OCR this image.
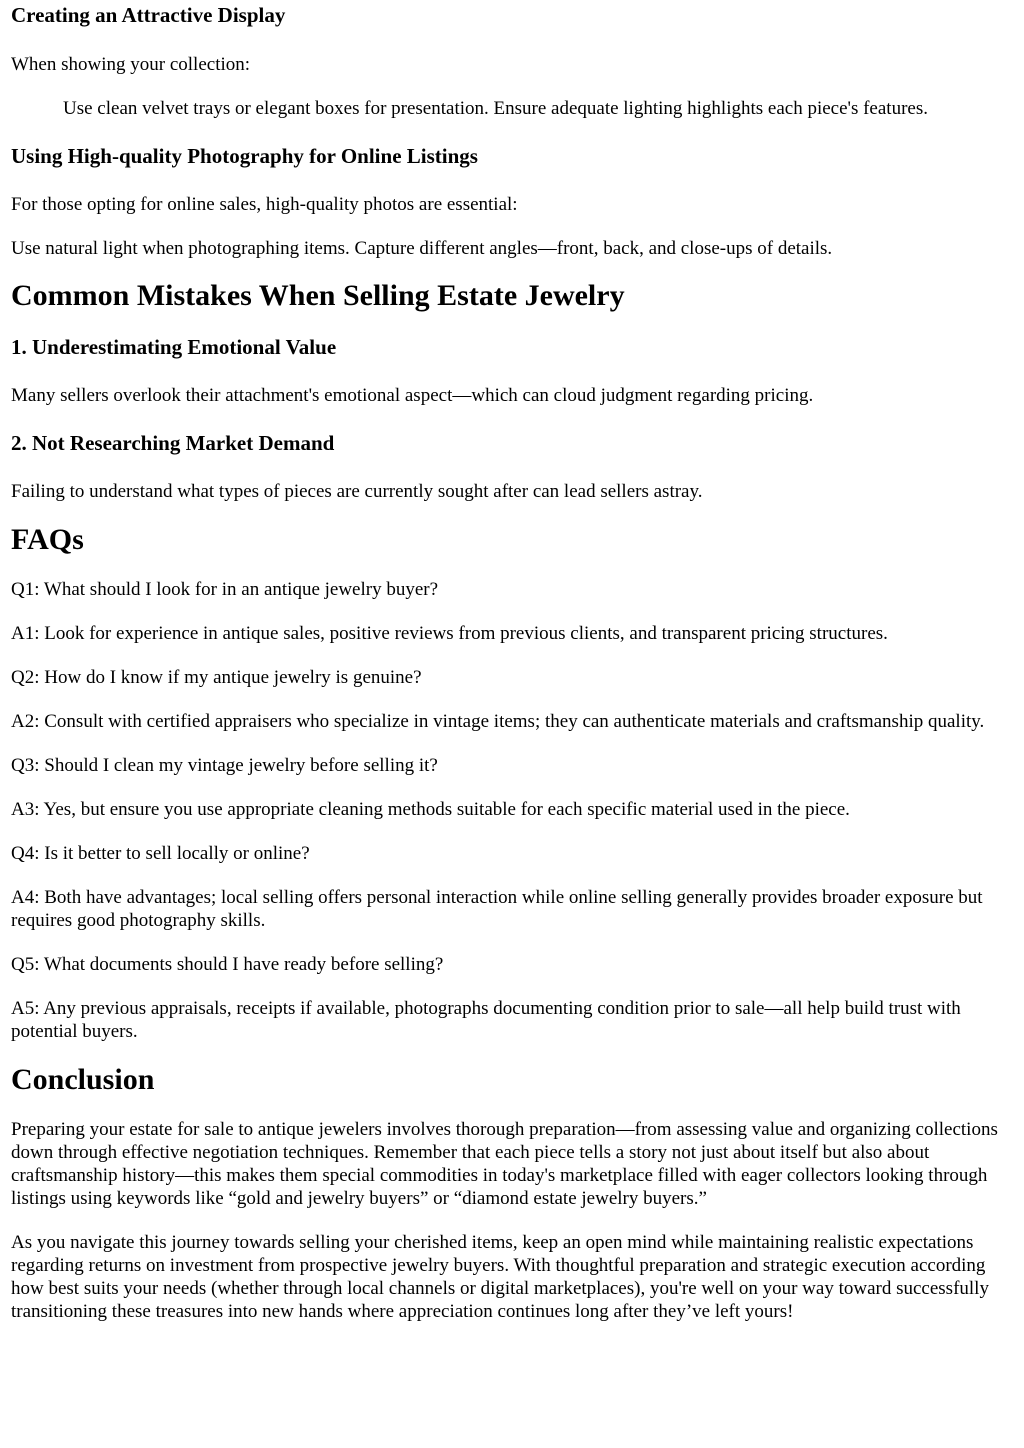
Creating an Attractive Display

When showing your collection:

Use clean velvet trays or elegant boxes for presentation. Ensure adequate lighting highlights each piece's features.

Using High-quality Photography for Online Listings

For those opting for online sales, high-quality photos are essential:

Use natural light when photographing items. Capture different angles—front, back, and close-ups of details.

Common Mistakes When Selling Estate Jewelry
1. Underestimating Emotional Value

Many sellers overlook their attachment's emotional aspect—which can cloud judgment regarding pricing.

2. Not Researching Market Demand

Failing to understand what types of pieces are currently sought after can lead sellers astray.

FAQs

Q1: What should I look for in an antique jewelry buyer?

A1: Look for experience in antique sales, positive reviews from previous clients, and transparent pricing structures.

Q2: How do I know if my antique jewelry is genuine?

A2: Consult with certified appraisers who specialize in vintage items; they can authenticate materials and craftsmanship quality.

Q3: Should I clean my vintage jewelry before selling it?

A3: Yes, but ensure you use appropriate cleaning methods suitable for each specific material used in the piece.

Q4: Is it better to sell locally or online?

A4: Both have advantages; local selling offers personal interaction while online selling generally provides broader exposure but requires good photography skills.

Q5: What documents should I have ready before selling?

A5: Any previous appraisals, receipts if available, photographs documenting condition prior to sale—all help build trust with potential buyers.

Conclusion

Preparing your estate for sale to antique jewelers involves thorough preparation—from assessing value and organizing collections down through effective negotiation techniques. Remember that each piece tells a story not just about itself but also about craftsmanship history—this makes them special commodities in today's marketplace filled with eager collectors looking through listings using keywords like “gold and jewelry buyers” or “diamond estate jewelry buyers.”

As you navigate this journey towards selling your cherished items, keep an open mind while maintaining realistic expectations regarding returns on investment from prospective jewelry buyers. With thoughtful preparation and strategic execution according how best suits your needs (whether through local channels or digital marketplaces), you're well on your way toward successfully transitioning these treasures into new hands where appreciation continues long after they’ve left yours!
